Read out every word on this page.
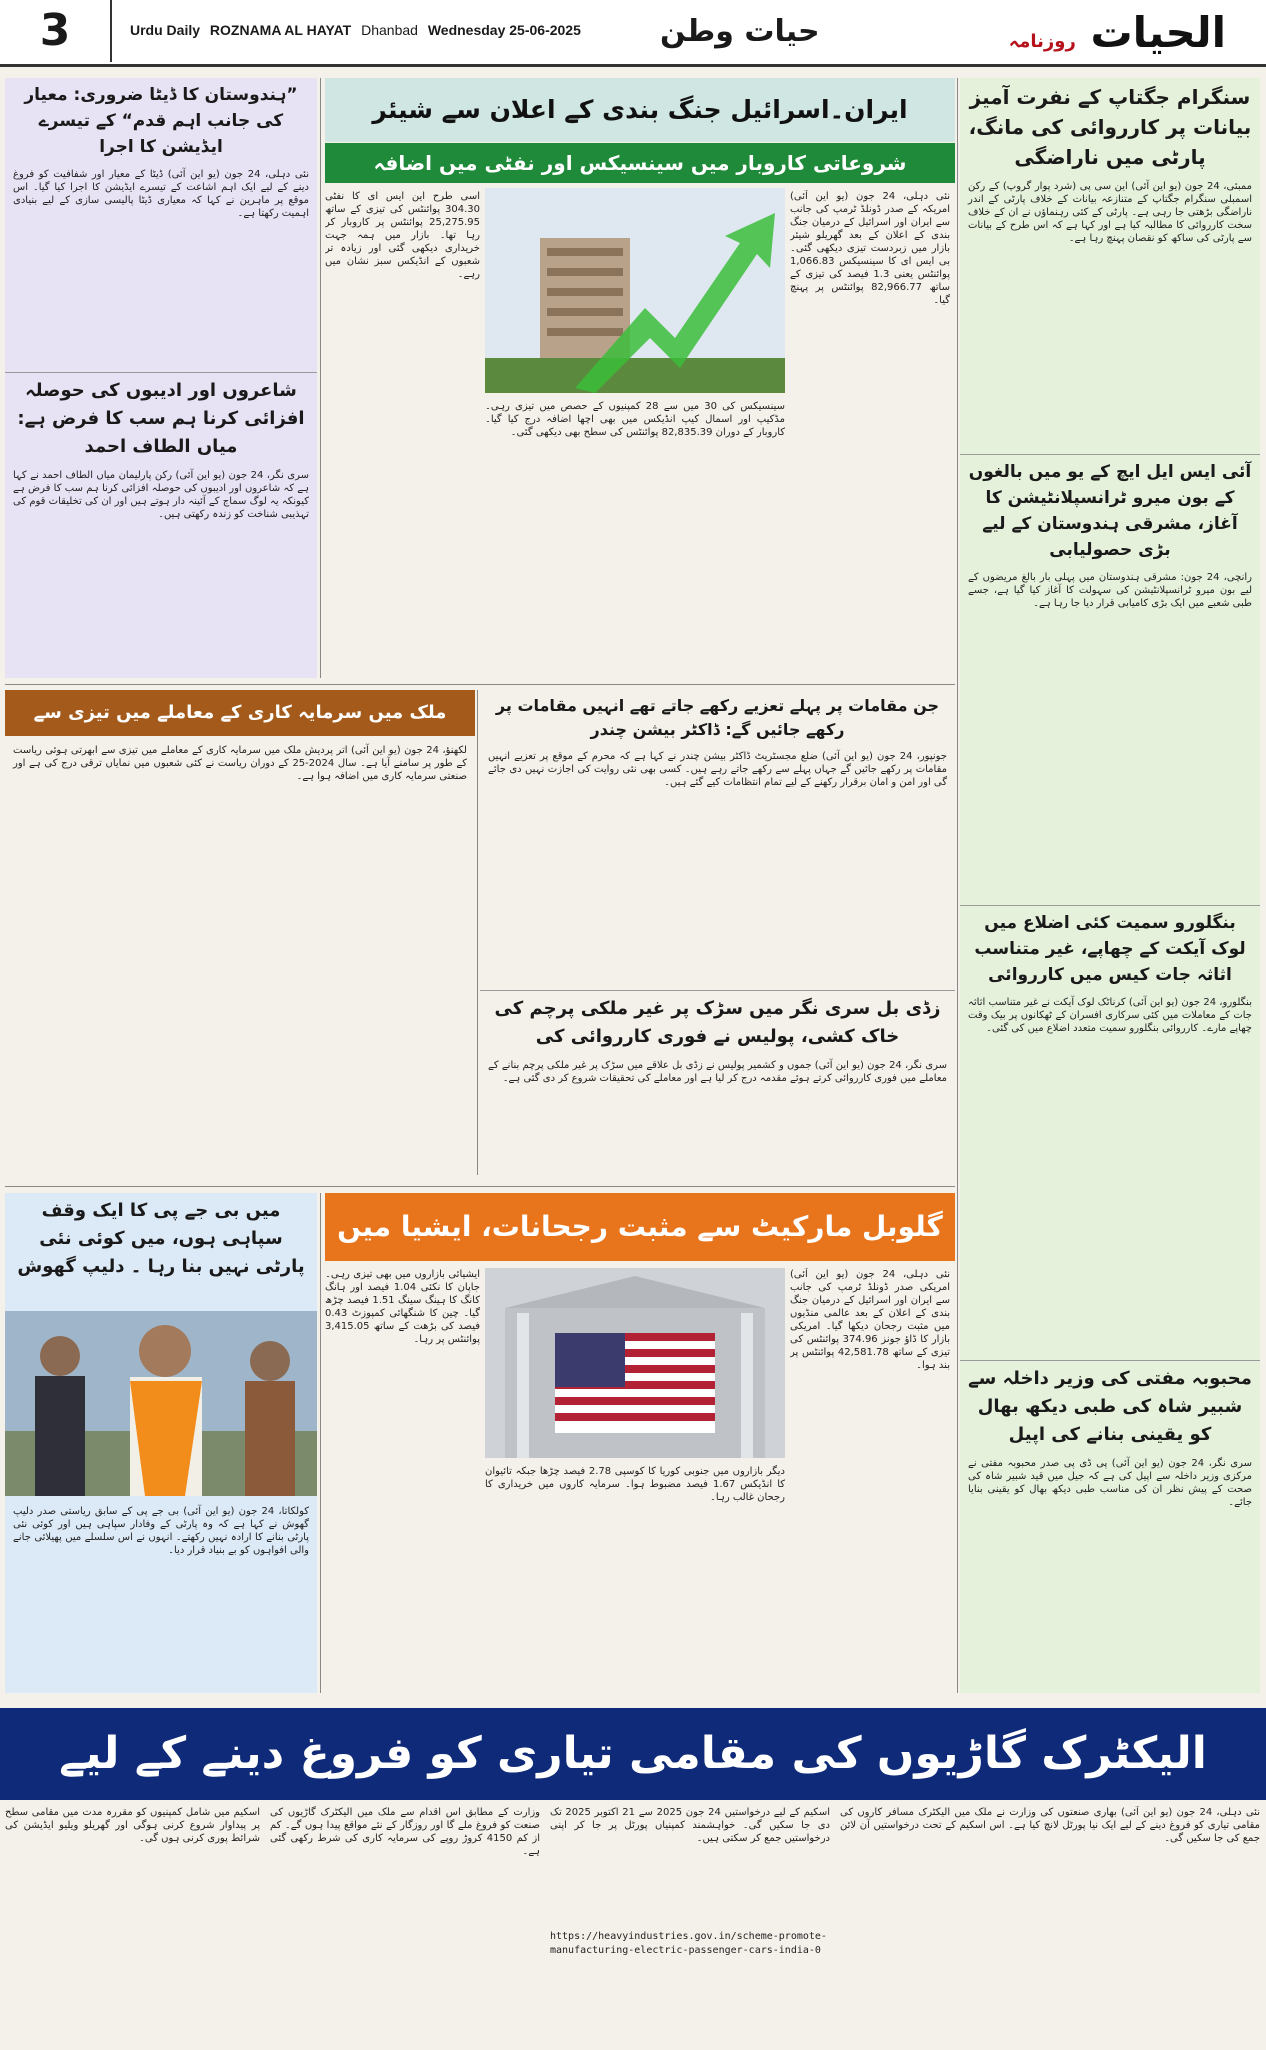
3	Urdu Daily ROZNAMA AL HAYAT Dhanbad Wednesday 25-06-2025	حیات وطن	الحیات روزنامہ
سنگرام جگتاپ کے نفرت آمیز بیانات پر کارروائی کی مانگ، پارٹی میں ناراضگی
ممبئی، 24 جون (یو این آئی) این سی پی (شرد پوار گروپ) کے رکن اسمبلی سنگرام جگتاپ کے متنازعہ بیانات کے خلاف پارٹی کے اندر ناراضگی بڑھتی جا رہی ہے۔ پارٹی کے کئی رہنماؤں نے ان کے خلاف سخت کارروائی کا مطالبہ کیا ہے اور کہا ہے کہ اس طرح کے بیانات سے پارٹی کی ساکھ کو نقصان پہنچ رہا ہے۔
آئی ایس ایل ایچ کے یو میں بالغوں کے بون میرو ٹرانسپلانٹیشن کا آغاز، مشرقی ہندوستان کے لیے بڑی حصولیابی
رانچی، 24 جون: مشرقی ہندوستان میں پہلی بار بالغ مریضوں کے لیے بون میرو ٹرانسپلانٹیشن کی سہولت کا آغاز کیا گیا ہے، جسے طبی شعبے میں ایک بڑی کامیابی قرار دیا جا رہا ہے۔
بنگلورو سمیت کئی اضلاع میں لوک آیکت کے چھاپے، غیر متناسب اثاثہ جات کیس میں کارروائی
بنگلورو، 24 جون (یو این آئی) کرناٹک لوک آیکت نے غیر متناسب اثاثہ جات کے معاملات میں کئی سرکاری افسران کے ٹھکانوں پر بیک وقت چھاپے مارے۔ کارروائی بنگلورو سمیت متعدد اضلاع میں کی گئی۔
محبوبہ مفتی کی وزیر داخلہ سے شبیر شاہ کی طبی دیکھ بھال کو یقینی بنانے کی اپیل
سری نگر، 24 جون (یو این آئی) پی ڈی پی صدر محبوبہ مفتی نے مرکزی وزیر داخلہ سے اپیل کی ہے کہ جیل میں قید شبیر شاہ کی صحت کے پیش نظر ان کی مناسب طبی دیکھ بھال کو یقینی بنایا جائے۔
ایران۔اسرائیل جنگ بندی کے اعلان سے شیئر
شروعاتی کاروبار میں سینسیکس اور نفٹی میں اضافہ
نئی دہلی، 24 جون (یو این آئی) امریکہ کے صدر ڈونلڈ ٹرمپ کی جانب سے ایران اور اسرائیل کے درمیان جنگ بندی کے اعلان کے بعد گھریلو شیئر بازار میں زبردست تیزی دیکھی گئی۔ بی ایس ای کا سینسیکس 1,066.83 پوائنٹس یعنی 1.3 فیصد کی تیزی کے ساتھ 82,966.77 پوائنٹس پر پہنچ گیا۔
اسی طرح این ایس ای کا نفٹی 304.30 پوائنٹس کی تیزی کے ساتھ 25,275.95 پوائنٹس پر کاروبار کر رہا تھا۔ بازار میں ہمہ جہت خریداری دیکھی گئی اور زیادہ تر شعبوں کے انڈیکس سبز نشان میں رہے۔
سینسیکس کی 30 میں سے 28 کمپنیوں کے حصص میں تیزی رہی۔ مڈکیپ اور اسمال کیپ انڈیکس میں بھی اچھا اضافہ درج کیا گیا۔ کاروبار کے دوران 82,835.39 پوائنٹس کی سطح بھی دیکھی گئی۔
”ہندوستان کا ڈیٹا ضروری: معیار کی جانب اہم قدم“ کے تیسرے ایڈیشن کا اجرا
نئی دہلی، 24 جون (یو این آئی) ڈیٹا کے معیار اور شفافیت کو فروغ دینے کے لیے ایک اہم اشاعت کے تیسرے ایڈیشن کا اجرا کیا گیا۔ اس موقع پر ماہرین نے کہا کہ معیاری ڈیٹا پالیسی سازی کے لیے بنیادی اہمیت رکھتا ہے۔
شاعروں اور ادیبوں کی حوصلہ افزائی کرنا ہم سب کا فرض ہے: میاں الطاف احمد
سری نگر، 24 جون (یو این آئی) رکن پارلیمان میاں الطاف احمد نے کہا ہے کہ شاعروں اور ادیبوں کی حوصلہ افزائی کرنا ہم سب کا فرض ہے کیونکہ یہ لوگ سماج کے آئینہ دار ہوتے ہیں اور ان کی تخلیقات قوم کی تہذیبی شناخت کو زندہ رکھتی ہیں۔
جن مقامات پر پہلے تعزیے رکھے جاتے تھے انہیں مقامات پر رکھے جائیں گے: ڈاکٹر بیشن چندر
جونپور، 24 جون (یو این آئی) ضلع مجسٹریٹ ڈاکٹر بیشن چندر نے کہا ہے کہ محرم کے موقع پر تعزیے انہیں مقامات پر رکھے جائیں گے جہاں پہلے سے رکھے جاتے رہے ہیں۔ کسی بھی نئی روایت کی اجازت نہیں دی جائے گی اور امن و امان برقرار رکھنے کے لیے تمام انتظامات کیے گئے ہیں۔
زڈی بل سری نگر میں سڑک پر غیر ملکی پرچم کی خاک کشی، پولیس نے فوری کارروائی کی
سری نگر، 24 جون (یو این آئی) جموں و کشمیر پولیس نے زڈی بل علاقے میں سڑک پر غیر ملکی پرچم بنانے کے معاملے میں فوری کارروائی کرتے ہوئے مقدمہ درج کر لیا ہے اور معاملے کی تحقیقات شروع کر دی گئی ہے۔
ملک میں سرمایہ کاری کے معاملے میں تیزی سے
لکھنؤ، 24 جون (یو این آئی) اتر پردیش ملک میں سرمایہ کاری کے معاملے میں تیزی سے ابھرتی ہوئی ریاست کے طور پر سامنے آیا ہے۔ سال 2024-25 کے دوران ریاست نے کئی شعبوں میں نمایاں ترقی درج کی ہے اور صنعتی سرمایہ کاری میں اضافہ ہوا ہے۔
گلوبل مارکیٹ سے مثبت رجحانات، ایشیا میں
نئی دہلی، 24 جون (یو این آئی) امریکی صدر ڈونلڈ ٹرمپ کی جانب سے ایران اور اسرائیل کے درمیان جنگ بندی کے اعلان کے بعد عالمی منڈیوں میں مثبت رجحان دیکھا گیا۔ امریکی بازار کا ڈاؤ جونز 374.96 پوائنٹس کی تیزی کے ساتھ 42,581.78 پوائنٹس پر بند ہوا۔
ایشیائی بازاروں میں بھی تیزی رہی۔ جاپان کا نکئی 1.04 فیصد اور ہانگ کانگ کا ہینگ سینگ 1.51 فیصد چڑھ گیا۔ چین کا شنگھائی کمپوزٹ 0.43 فیصد کی بڑھت کے ساتھ 3,415.05 پوائنٹس پر رہا۔
دیگر بازاروں میں جنوبی کوریا کا کوسپی 2.78 فیصد چڑھا جبکہ تائیوان کا انڈیکس 1.67 فیصد مضبوط ہوا۔ سرمایہ کاروں میں خریداری کا رجحان غالب رہا۔
میں بی جے پی کا ایک وقف سپاہی ہوں، میں کوئی نئی پارٹی نہیں بنا رہا ۔ دلیپ گھوش
کولکاتا، 24 جون (یو این آئی) بی جے پی کے سابق ریاستی صدر دلیپ گھوش نے کہا ہے کہ وہ پارٹی کے وفادار سپاہی ہیں اور کوئی نئی پارٹی بنانے کا ارادہ نہیں رکھتے۔ انہوں نے اس سلسلے میں پھیلائی جانے والی افواہوں کو بے بنیاد قرار دیا۔
الیکٹرک گاڑیوں کی مقامی تیاری کو فروغ دینے کے لیے
نئی دہلی، 24 جون (یو این آئی) بھاری صنعتوں کی وزارت نے ملک میں الیکٹرک مسافر کاروں کی مقامی تیاری کو فروغ دینے کے لیے ایک نیا پورٹل لانچ کیا ہے۔ اس اسکیم کے تحت درخواستیں آن لائن جمع کی جا سکیں گی۔
اسکیم کے لیے درخواستیں 24 جون 2025 سے 21 اکتوبر 2025 تک دی جا سکیں گی۔ خواہشمند کمپنیاں پورٹل پر جا کر اپنی درخواستیں جمع کر سکتی ہیں۔
https://heavyindustries.gov.in/scheme-promote-manufacturing-electric-passenger-cars-india-0
وزارت کے مطابق اس اقدام سے ملک میں الیکٹرک گاڑیوں کی صنعت کو فروغ ملے گا اور روزگار کے نئے مواقع پیدا ہوں گے۔ کم از کم 4150 کروڑ روپے کی سرمایہ کاری کی شرط رکھی گئی ہے۔
اسکیم میں شامل کمپنیوں کو مقررہ مدت میں مقامی سطح پر پیداوار شروع کرنی ہوگی اور گھریلو ویلیو ایڈیشن کی شرائط پوری کرنی ہوں گی۔
